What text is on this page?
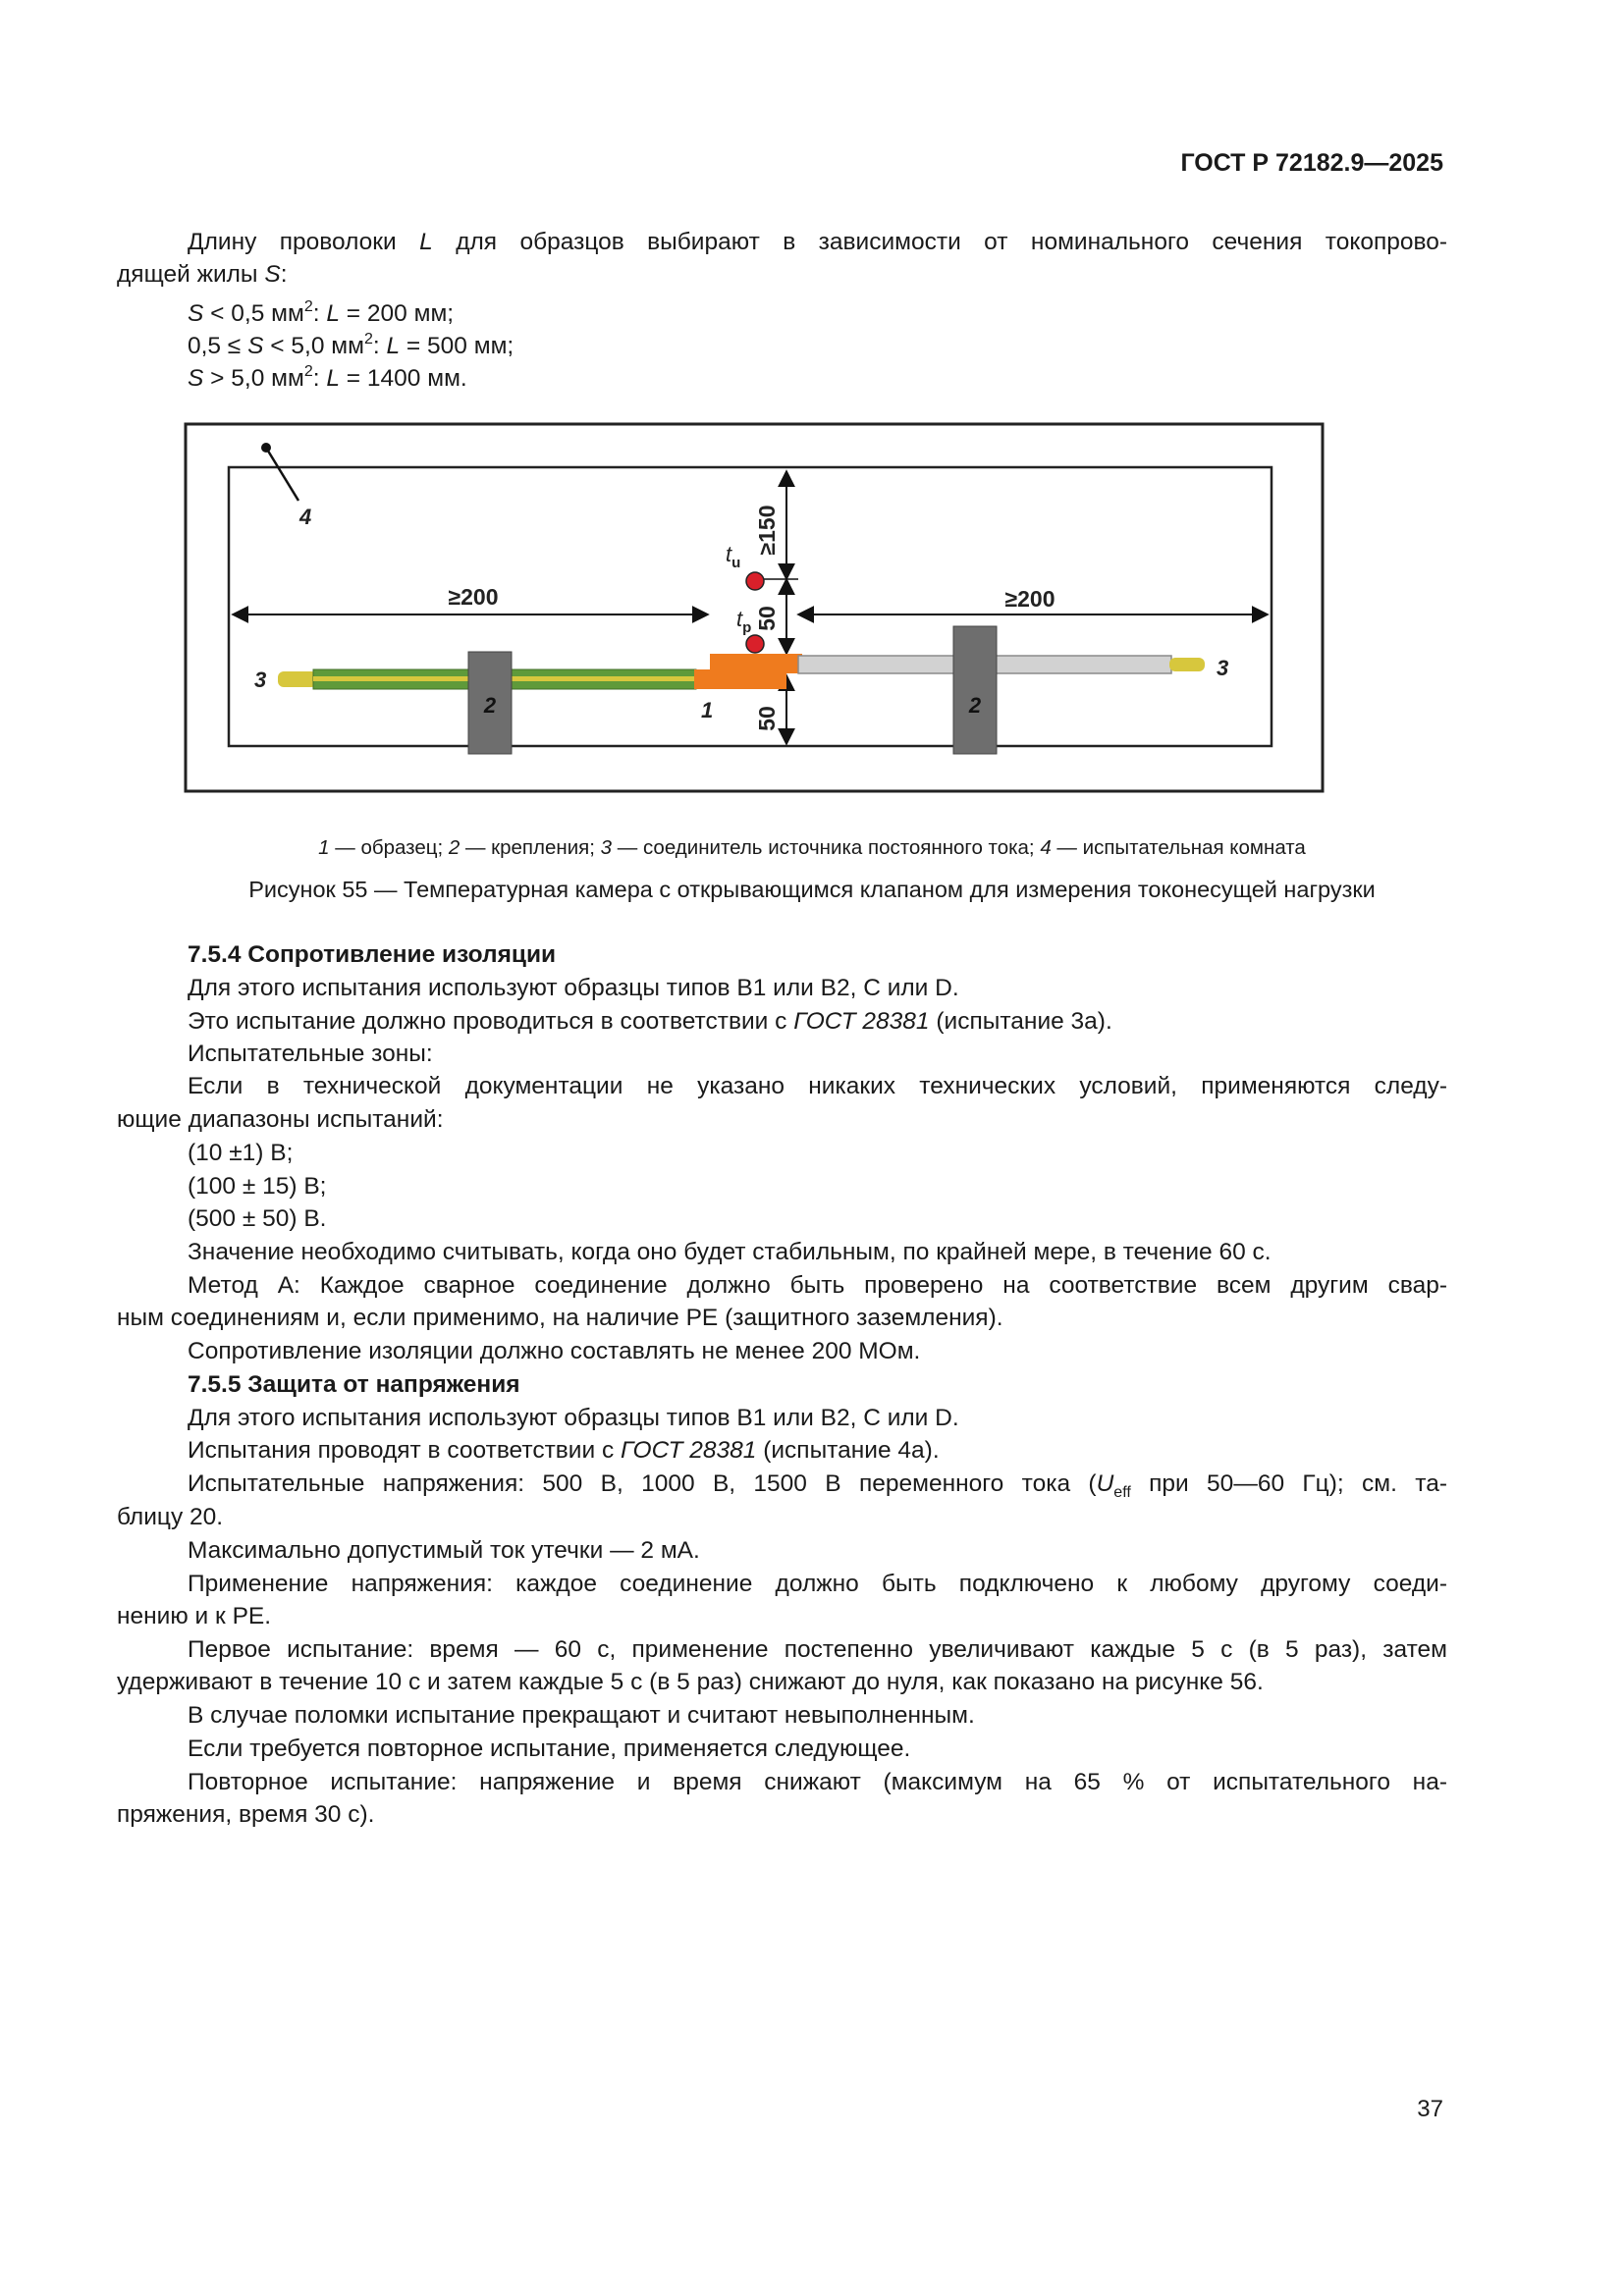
ГОСТ Р 72182.9—2025
Длину проволоки L для образцов выбирают в зависимости от номинального сечения токопрово-
дящей жилы S:
S < 0,5 $мм^2$: L = 200 мм;
0,5 ≤ S < 5,0 $мм^2$: L = 500 мм;
S > 5,0 $мм^2$: L = 1400 мм.
4
≥200	≥200
≥150
50
50
$t_u$
$t_p$
2	2
3	3
1
1 — образец; 2 — крепления; 3 — соединитель источника постоянного тока; 4 — испытательная комната
Рисунок 55 — Температурная камера с открывающимся клапаном для измерения токонесущей нагрузки
7.5.4 Сопротивление изоляции
Для этого испытания используют образцы типов В1 или В2, С или D.
Это испытание должно проводиться в соответствии с ГОСТ 28381 (испытание 3а).
Испытательные зоны:
Если в технической документации не указано никаких технических условий, применяются следу-
ющие диапазоны испытаний:
(10 ±1) В;
(100 ± 15) В;
(500 ± 50) В.
Значение необходимо считывать, когда оно будет стабильным, по крайней мере, в течение 60 с.
Метод А: Каждое сварное соединение должно быть проверено на соответствие всем другим свар-
ным соединениям и, если применимо, на наличие РЕ (защитного заземления).
Сопротивление изоляции должно составлять не менее 200 МОм.
7.5.5 Защита от напряжения
Для этого испытания используют образцы типов В1 или В2, С или D.
Испытания проводят в соответствии с ГОСТ 28381 (испытание 4а).
Испытательные напряжения: 500 В, 1000 В, 1500 В переменного тока ($U_{eff}$ при 50—60 Гц); см. та-
блицу 20.
Максимально допустимый ток утечки — 2 мА.
Применение напряжения: каждое соединение должно быть подключено к любому другому соеди-
нению и к РЕ.
Первое испытание: время — 60 с, применение постепенно увеличивают каждые 5 с (в 5 раз), затем
удерживают в течение 10 с и затем каждые 5 с (в 5 раз) снижают до нуля, как показано на рисунке 56.
В случае поломки испытание прекращают и считают невыполненным.
Если требуется повторное испытание, применяется следующее.
Повторное испытание: напряжение и время снижают (максимум на 65 % от испытательного на-
пряжения, время 30 с).
37
